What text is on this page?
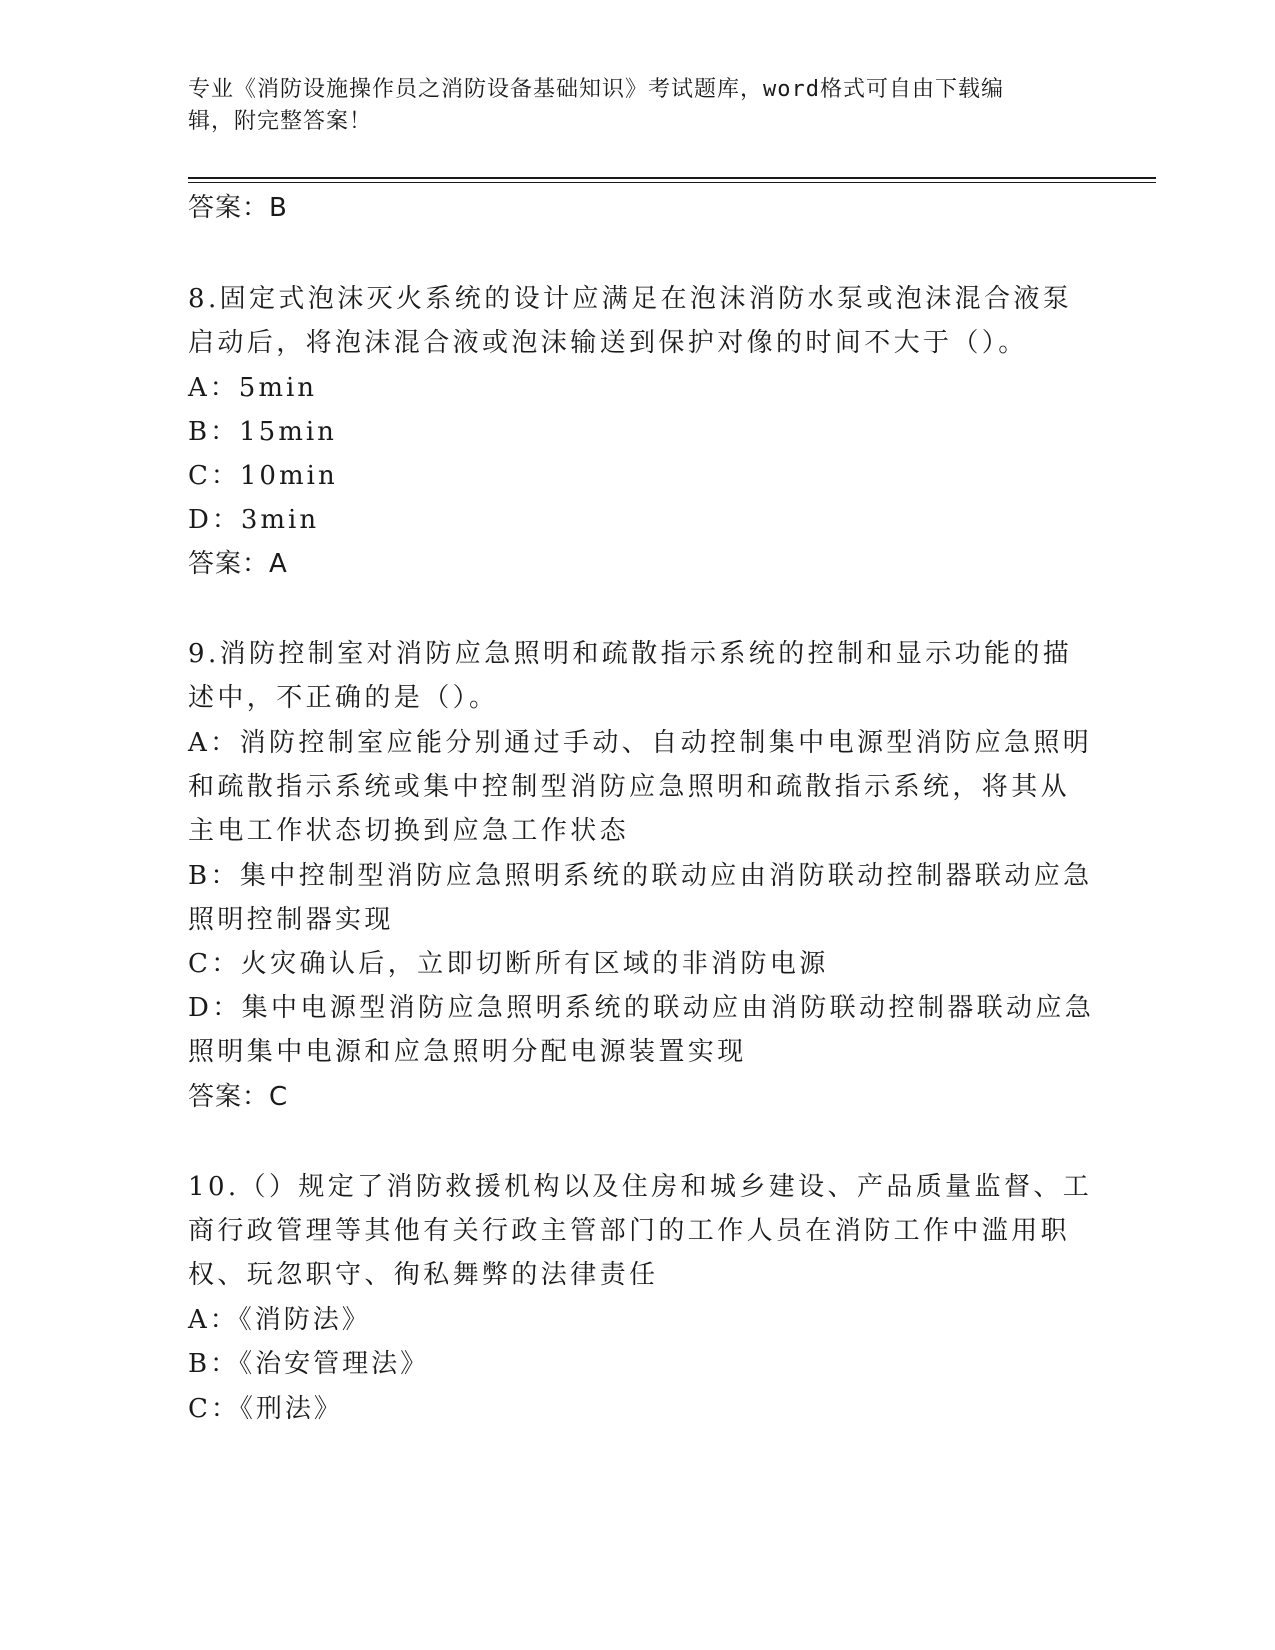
专业《消防设施操作员之消防设备基础知识》考试题库，word格式可自由下载编
辑，附完整答案！
答案：B
8.固定式泡沫灭火系统的设计应满足在泡沫消防水泵或泡沫混合液泵
启动后，将泡沫混合液或泡沫输送到保护对像的时间不大于（）。
A：5min
B：15min
C：10min
D：3min
答案：A
9.消防控制室对消防应急照明和疏散指示系统的控制和显示功能的描
述中，不正确的是（）。
A：消防控制室应能分别通过手动、自动控制集中电源型消防应急照明
和疏散指示系统或集中控制型消防应急照明和疏散指示系统，将其从
主电工作状态切换到应急工作状态
B：集中控制型消防应急照明系统的联动应由消防联动控制器联动应急
照明控制器实现
C：火灾确认后，立即切断所有区域的非消防电源
D：集中电源型消防应急照明系统的联动应由消防联动控制器联动应急
照明集中电源和应急照明分配电源装置实现
答案：C
10.（）规定了消防救援机构以及住房和城乡建设、产品质量监督、工
商行政管理等其他有关行政主管部门的工作人员在消防工作中滥用职
权、玩忽职守、徇私舞弊的法律责任
A：《消防法》
B：《治安管理法》
C：《刑法》
